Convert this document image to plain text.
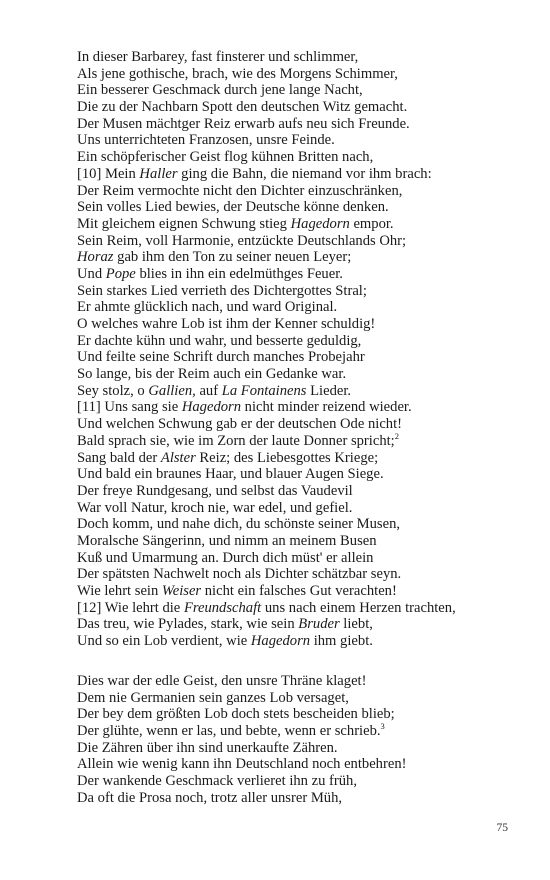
In dieser Barbarey, fast finsterer und schlimmer,
Als jene gothische, brach, wie des Morgens Schimmer,
Ein besserer Geschmack durch jene lange Nacht,
Die zu der Nachbarn Spott den deutschen Witz gemacht.
Der Musen mächtger Reiz erwarb aufs neu sich Freunde.
Uns unterrichteten Franzosen, unsre Feinde.
Ein schöpferischer Geist flog kühnen Britten nach,
[10] Mein Haller ging die Bahn, die niemand vor ihm brach:
Der Reim vermochte nicht den Dichter einzuschränken,
Sein volles Lied bewies, der Deutsche könne denken.
Mit gleichem eignen Schwung stieg Hagedorn empor.
Sein Reim, voll Harmonie, entzückte Deutschlands Ohr;
Horaz gab ihm den Ton zu seiner neuen Leyer;
Und Pope blies in ihn ein edelmüthges Feuer.
Sein starkes Lied verrieth des Dichtergottes Stral;
Er ahmte glücklich nach, und ward Original.
O welches wahre Lob ist ihm der Kenner schuldig!
Er dachte kühn und wahr, und besserte geduldig,
Und feilte seine Schrift durch manches Probejahr
So lange, bis der Reim auch ein Gedanke war.
Sey stolz, o Gallien, auf La Fontainens Lieder.
[11] Uns sang sie Hagedorn nicht minder reizend wieder.
Und welchen Schwung gab er der deutschen Ode nicht!
Bald sprach sie, wie im Zorn der laute Donner spricht;$^2$
Sang bald der Alster Reiz; des Liebesgottes Kriege;
Und bald ein braunes Haar, und blauer Augen Siege.
Der freye Rundgesang, und selbst das Vaudevil
War voll Natur, kroch nie, war edel, und gefiel.
Doch komm, und nahe dich, du schönste seiner Musen,
Moralsche Sängerinn, und nimm an meinem Busen
Kuß und Umarmung an. Durch dich müst' er allein
Der spätsten Nachwelt noch als Dichter schätzbar seyn.
Wie lehrt sein Weiser nicht ein falsches Gut verachten!
[12] Wie lehrt die Freundschaft uns nach einem Herzen trachten,
Das treu, wie Pylades, stark, wie sein Bruder liebt,
Und so ein Lob verdient, wie Hagedorn ihm giebt.
Dies war der edle Geist, den unsre Thräne klaget!
Dem nie Germanien sein ganzes Lob versaget,
Der bey dem größten Lob doch stets bescheiden blieb;
Der glühte, wenn er las, und bebte, wenn er schrieb.$^3$
Die Zähren über ihn sind unerkaufte Zähren.
Allein wie wenig kann ihn Deutschland noch entbehren!
Der wankende Geschmack verlieret ihn zu früh,
Da oft die Prosa noch, trotz aller unsrer Müh,
75
